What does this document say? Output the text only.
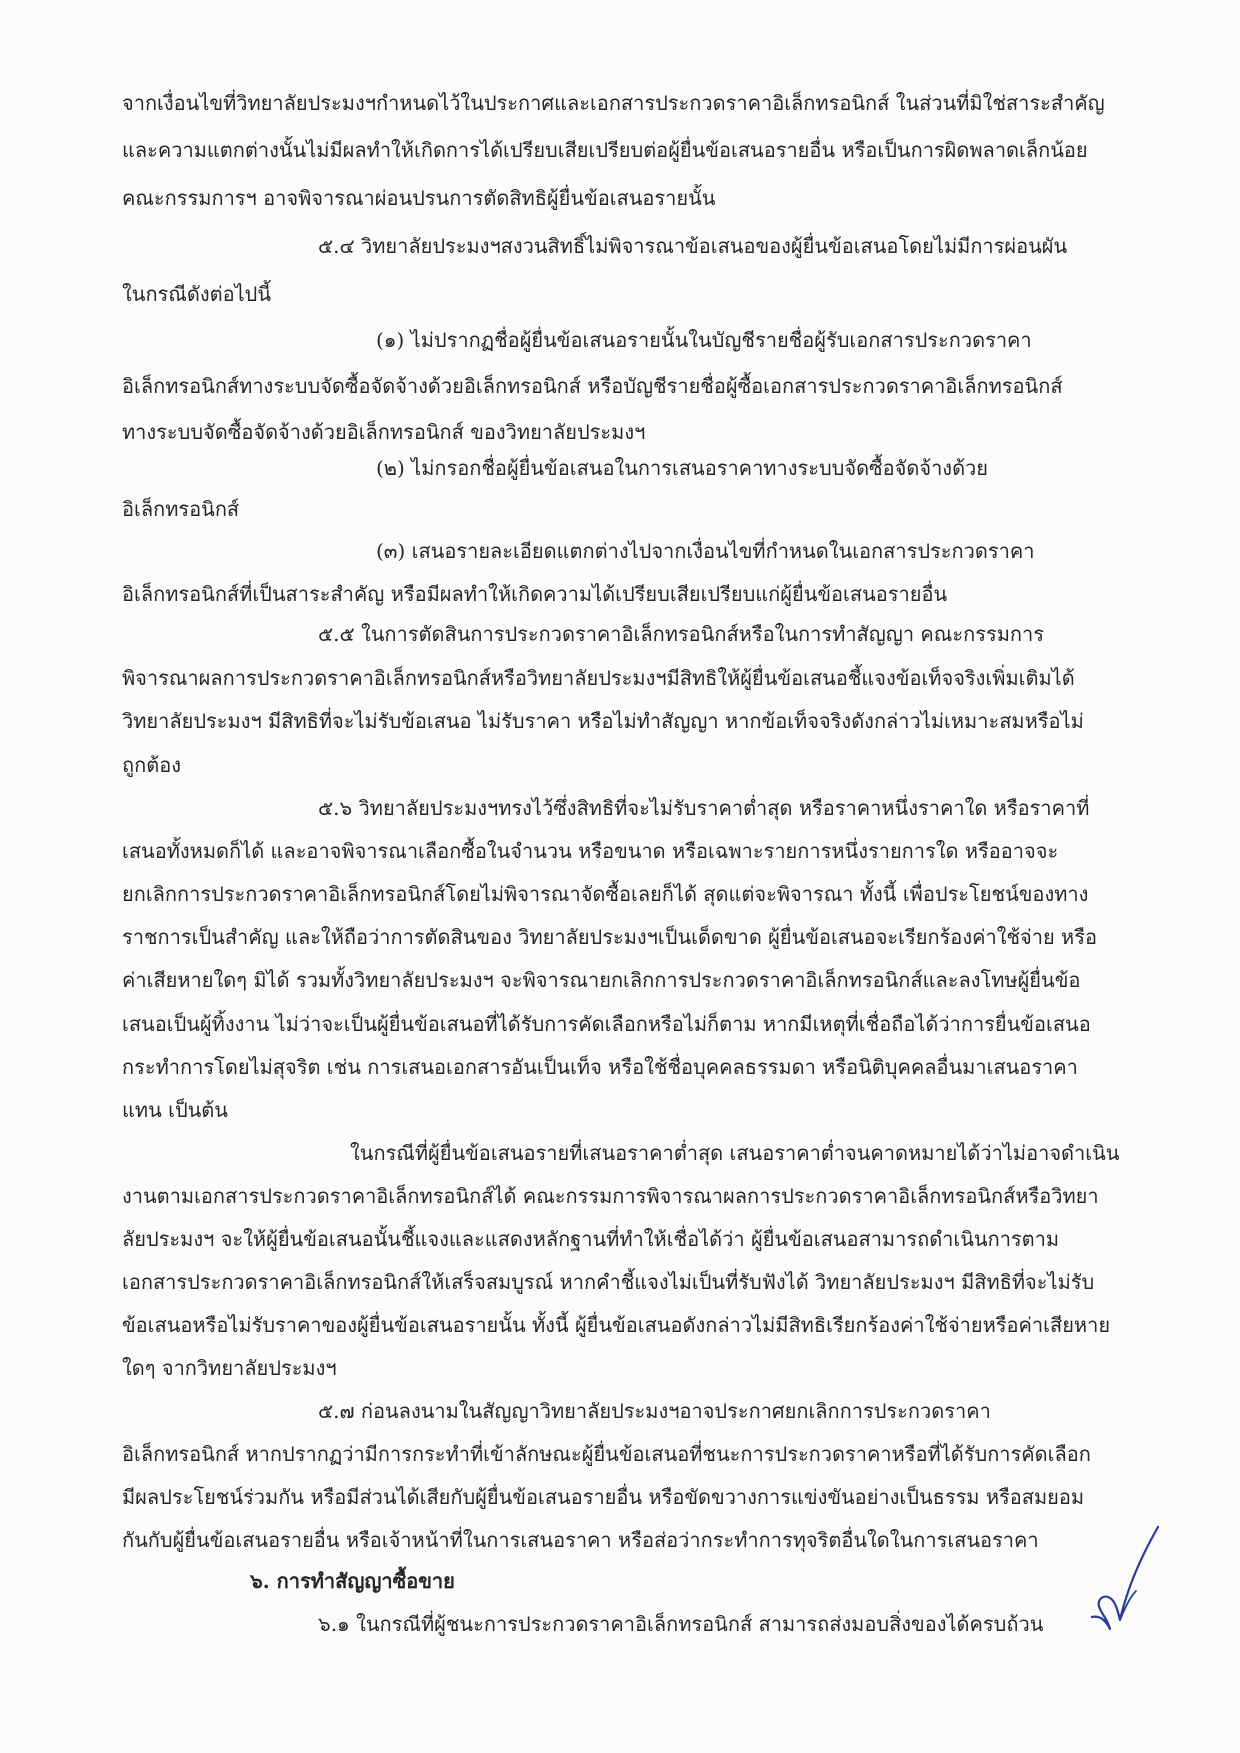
จากเงื่อนไขที่วิทยาลัยประมงฯกำหนดไว้ในประกาศและเอกสารประกวดราคาอิเล็กทรอนิกส์ ในส่วนที่มิใช่สาระสำคัญ
และความแตกต่างนั้นไม่มีผลทำให้เกิดการได้เปรียบเสียเปรียบต่อผู้ยื่นข้อเสนอรายอื่น หรือเป็นการผิดพลาดเล็กน้อย
คณะกรรมการฯ อาจพิจารณาผ่อนปรนการตัดสิทธิผู้ยื่นข้อเสนอรายนั้น
๕.๔ วิทยาลัยประมงฯสงวนสิทธิ์ไม่พิจารณาข้อเสนอของผู้ยื่นข้อเสนอโดยไม่มีการผ่อนผัน
ในกรณีดังต่อไปนี้
(๑) ไม่ปรากฏชื่อผู้ยื่นข้อเสนอรายนั้นในบัญชีรายชื่อผู้รับเอกสารประกวดราคา
อิเล็กทรอนิกส์ทางระบบจัดซื้อจัดจ้างด้วยอิเล็กทรอนิกส์ หรือบัญชีรายชื่อผู้ซื้อเอกสารประกวดราคาอิเล็กทรอนิกส์
ทางระบบจัดซื้อจัดจ้างด้วยอิเล็กทรอนิกส์ ของวิทยาลัยประมงฯ
(๒) ไม่กรอกชื่อผู้ยื่นข้อเสนอในการเสนอราคาทางระบบจัดซื้อจัดจ้างด้วย
อิเล็กทรอนิกส์
(๓) เสนอรายละเอียดแตกต่างไปจากเงื่อนไขที่กำหนดในเอกสารประกวดราคา
อิเล็กทรอนิกส์ที่เป็นสาระสำคัญ หรือมีผลทำให้เกิดความได้เปรียบเสียเปรียบแก่ผู้ยื่นข้อเสนอรายอื่น
๕.๕ ในการตัดสินการประกวดราคาอิเล็กทรอนิกส์หรือในการทำสัญญา คณะกรรมการ
พิจารณาผลการประกวดราคาอิเล็กทรอนิกส์หรือวิทยาลัยประมงฯมีสิทธิให้ผู้ยื่นข้อเสนอชี้แจงข้อเท็จจริงเพิ่มเติมได้
วิทยาลัยประมงฯ มีสิทธิที่จะไม่รับข้อเสนอ ไม่รับราคา หรือไม่ทำสัญญา หากข้อเท็จจริงดังกล่าวไม่เหมาะสมหรือไม่
ถูกต้อง
๕.๖ วิทยาลัยประมงฯทรงไว้ซึ่งสิทธิที่จะไม่รับราคาต่ำสุด หรือราคาหนึ่งราคาใด หรือราคาที่
เสนอทั้งหมดก็ได้ และอาจพิจารณาเลือกซื้อในจำนวน หรือขนาด หรือเฉพาะรายการหนึ่งรายการใด หรืออาจจะ
ยกเลิกการประกวดราคาอิเล็กทรอนิกส์โดยไม่พิจารณาจัดซื้อเลยก็ได้ สุดแต่จะพิจารณา ทั้งนี้ เพื่อประโยชน์ของทาง
ราชการเป็นสำคัญ และให้ถือว่าการตัดสินของ วิทยาลัยประมงฯเป็นเด็ดขาด ผู้ยื่นข้อเสนอจะเรียกร้องค่าใช้จ่าย หรือ
ค่าเสียหายใดๆ มิได้ รวมทั้งวิทยาลัยประมงฯ จะพิจารณายกเลิกการประกวดราคาอิเล็กทรอนิกส์และลงโทษผู้ยื่นข้อ
เสนอเป็นผู้ทิ้งงาน ไม่ว่าจะเป็นผู้ยื่นข้อเสนอที่ได้รับการคัดเลือกหรือไม่ก็ตาม หากมีเหตุที่เชื่อถือได้ว่าการยื่นข้อเสนอ
กระทำการโดยไม่สุจริต เช่น การเสนอเอกสารอันเป็นเท็จ หรือใช้ชื่อบุคคลธรรมดา หรือนิติบุคคลอื่นมาเสนอราคา
แทน เป็นต้น
ในกรณีที่ผู้ยื่นข้อเสนอรายที่เสนอราคาต่ำสุด เสนอราคาต่ำจนคาดหมายได้ว่าไม่อาจดำเนิน
งานตามเอกสารประกวดราคาอิเล็กทรอนิกส์ได้ คณะกรรมการพิจารณาผลการประกวดราคาอิเล็กทรอนิกส์หรือวิทยา
ลัยประมงฯ จะให้ผู้ยื่นข้อเสนอนั้นชี้แจงและแสดงหลักฐานที่ทำให้เชื่อได้ว่า ผู้ยื่นข้อเสนอสามารถดำเนินการตาม
เอกสารประกวดราคาอิเล็กทรอนิกส์ให้เสร็จสมบูรณ์ หากคำชี้แจงไม่เป็นที่รับฟังได้ วิทยาลัยประมงฯ มีสิทธิที่จะไม่รับ
ข้อเสนอหรือไม่รับราคาของผู้ยื่นข้อเสนอรายนั้น ทั้งนี้ ผู้ยื่นข้อเสนอดังกล่าวไม่มีสิทธิเรียกร้องค่าใช้จ่ายหรือค่าเสียหาย
ใดๆ จากวิทยาลัยประมงฯ
๕.๗ ก่อนลงนามในสัญญาวิทยาลัยประมงฯอาจประกาศยกเลิกการประกวดราคา
อิเล็กทรอนิกส์ หากปรากฏว่ามีการกระทำที่เข้าลักษณะผู้ยื่นข้อเสนอที่ชนะการประกวดราคาหรือที่ได้รับการคัดเลือก
มีผลประโยชน์ร่วมกัน หรือมีส่วนได้เสียกับผู้ยื่นข้อเสนอรายอื่น หรือขัดขวางการแข่งขันอย่างเป็นธรรม หรือสมยอม
กันกับผู้ยื่นข้อเสนอรายอื่น หรือเจ้าหน้าที่ในการเสนอราคา หรือส่อว่ากระทำการทุจริตอื่นใดในการเสนอราคา
๖. การทำสัญญาซื้อขาย
๖.๑ ในกรณีที่ผู้ชนะการประกวดราคาอิเล็กทรอนิกส์ สามารถส่งมอบสิ่งของได้ครบถ้วน
